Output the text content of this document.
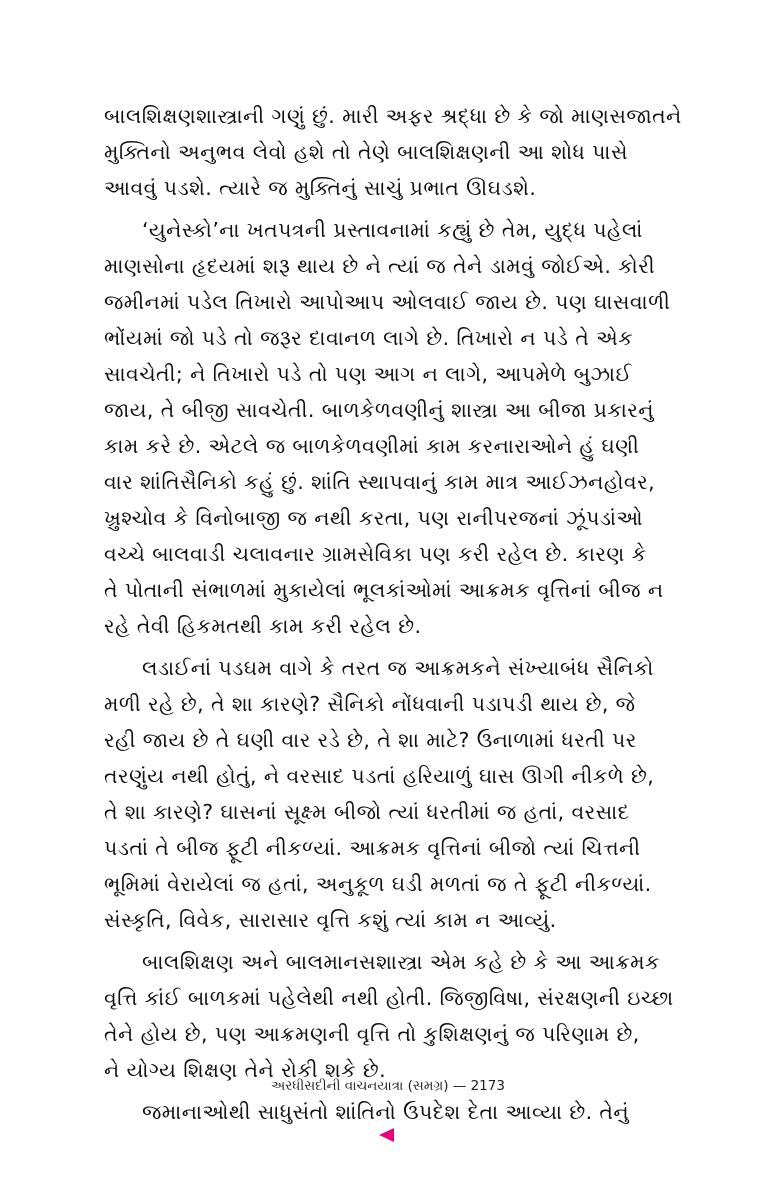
બાલશિક્ષણશાસ્ત્રાની ગણું છું. મારી અફર શ્રદ્ધા છે કે જો માણસજાતને
મુક્તિનો અનુભવ લેવો હશે તો તેણે બાલશિક્ષણની આ શોધ પાસે
આવવું પડશે. ત્યારે જ મુક્તિનું સાચું પ્રભાત ઊઘડશે.
‘યુનેસ્કો’ના ખતપત્રની પ્રસ્તાવનામાં કહ્યું છે તેમ, યુદ્ધ પહેલાં
માણસોના હૃદયમાં શરૂ થાય છે ને ત્યાં જ તેને ડામવું જોઈએ. કોરી
જમીનમાં પડેલ તિખારો આપોઆપ ઓલવાઈ જાય છે. પણ ઘાસવાળી
ભોંયમાં જો પડે તો જરૂર દાવાનળ લાગે છે. તિખારો ન પડે તે એક
સાવચેતી; ને તિખારો પડે તો પણ આગ ન લાગે, આપમેળે બુઝાઈ
જાય, તે બીજી સાવચેતી. બાળકેળવણીનું શાસ્ત્રા આ બીજા પ્રકારનું
કામ કરે છે. એટલે જ બાળકેળવણીમાં કામ કરનારાઓને હું ઘણી
વાર શાંતિસૈનિકો કહું છું. શાંતિ સ્થાપવાનું કામ માત્ર આઈઝનહોવર,
ખ્રુશ્ચોવ કે વિનોબાજી જ નથી કરતા, પણ રાનીપરજનાં ઝૂંપડાંઓ
વચ્ચે બાલવાડી ચલાવનાર ગ્રામસેવિકા પણ કરી રહેલ છે. કારણ કે
તે પોતાની સંભાળમાં મુકાયેલાં ભૂલકાંઓમાં આક્રમક વૃત્તિનાં બીજ ન
રહે તેવી હિકમતથી કામ કરી રહેલ છે.
લડાઈનાં પડઘમ વાગે કે તરત જ આક્રમકને સંખ્યાબંધ સૈનિકો
મળી રહે છે, તે શા કારણે? સૈનિકો નોંધવાની પડાપડી થાય છે, જે
રહી જાય છે તે ઘણી વાર રડે છે, તે શા માટે? ઉનાળામાં ધરતી પર
તરણુંય નથી હોતું, ને વરસાદ પડતાં હરિયાળું ઘાસ ઊગી નીકળે છે,
તે શા કારણે? ઘાસનાં સૂક્ષ્મ બીજો ત્યાં ધરતીમાં જ હતાં, વરસાદ
પડતાં તે બીજ ફૂટી નીકળ્યાં. આક્રમક વૃત્તિનાં બીજો ત્યાં ચિત્તની
ભૂમિમાં વેરાયેલાં જ હતાં, અનુકૂળ ઘડી મળતાં જ તે ફૂટી નીકળ્યાં.
સંસ્કૃતિ, વિવેક, સારાસાર વૃત્તિ કશું ત્યાં કામ ન આવ્યું.
બાલશિક્ષણ અને બાલમાનસશાસ્ત્રા એમ કહે છે કે આ આક્રમક
વૃત્તિ કાંઈ બાળકમાં પહેલેથી નથી હોતી. જિજીવિષા, સંરક્ષણની ઇચ્છા
તેને હોય છે, પણ આક્રમણની વૃત્તિ તો કુશિક્ષણનું જ પરિણામ છે,
ને યોગ્ય શિક્ષણ તેને રોકી શકે છે.
જમાનાઓથી સાધુસંતો શાંતિનો ઉપદેશ દેતા આવ્યા છે. તેનું
અરધીસદીની વાચનયાત્રા (સમગ્ર) — 2173
